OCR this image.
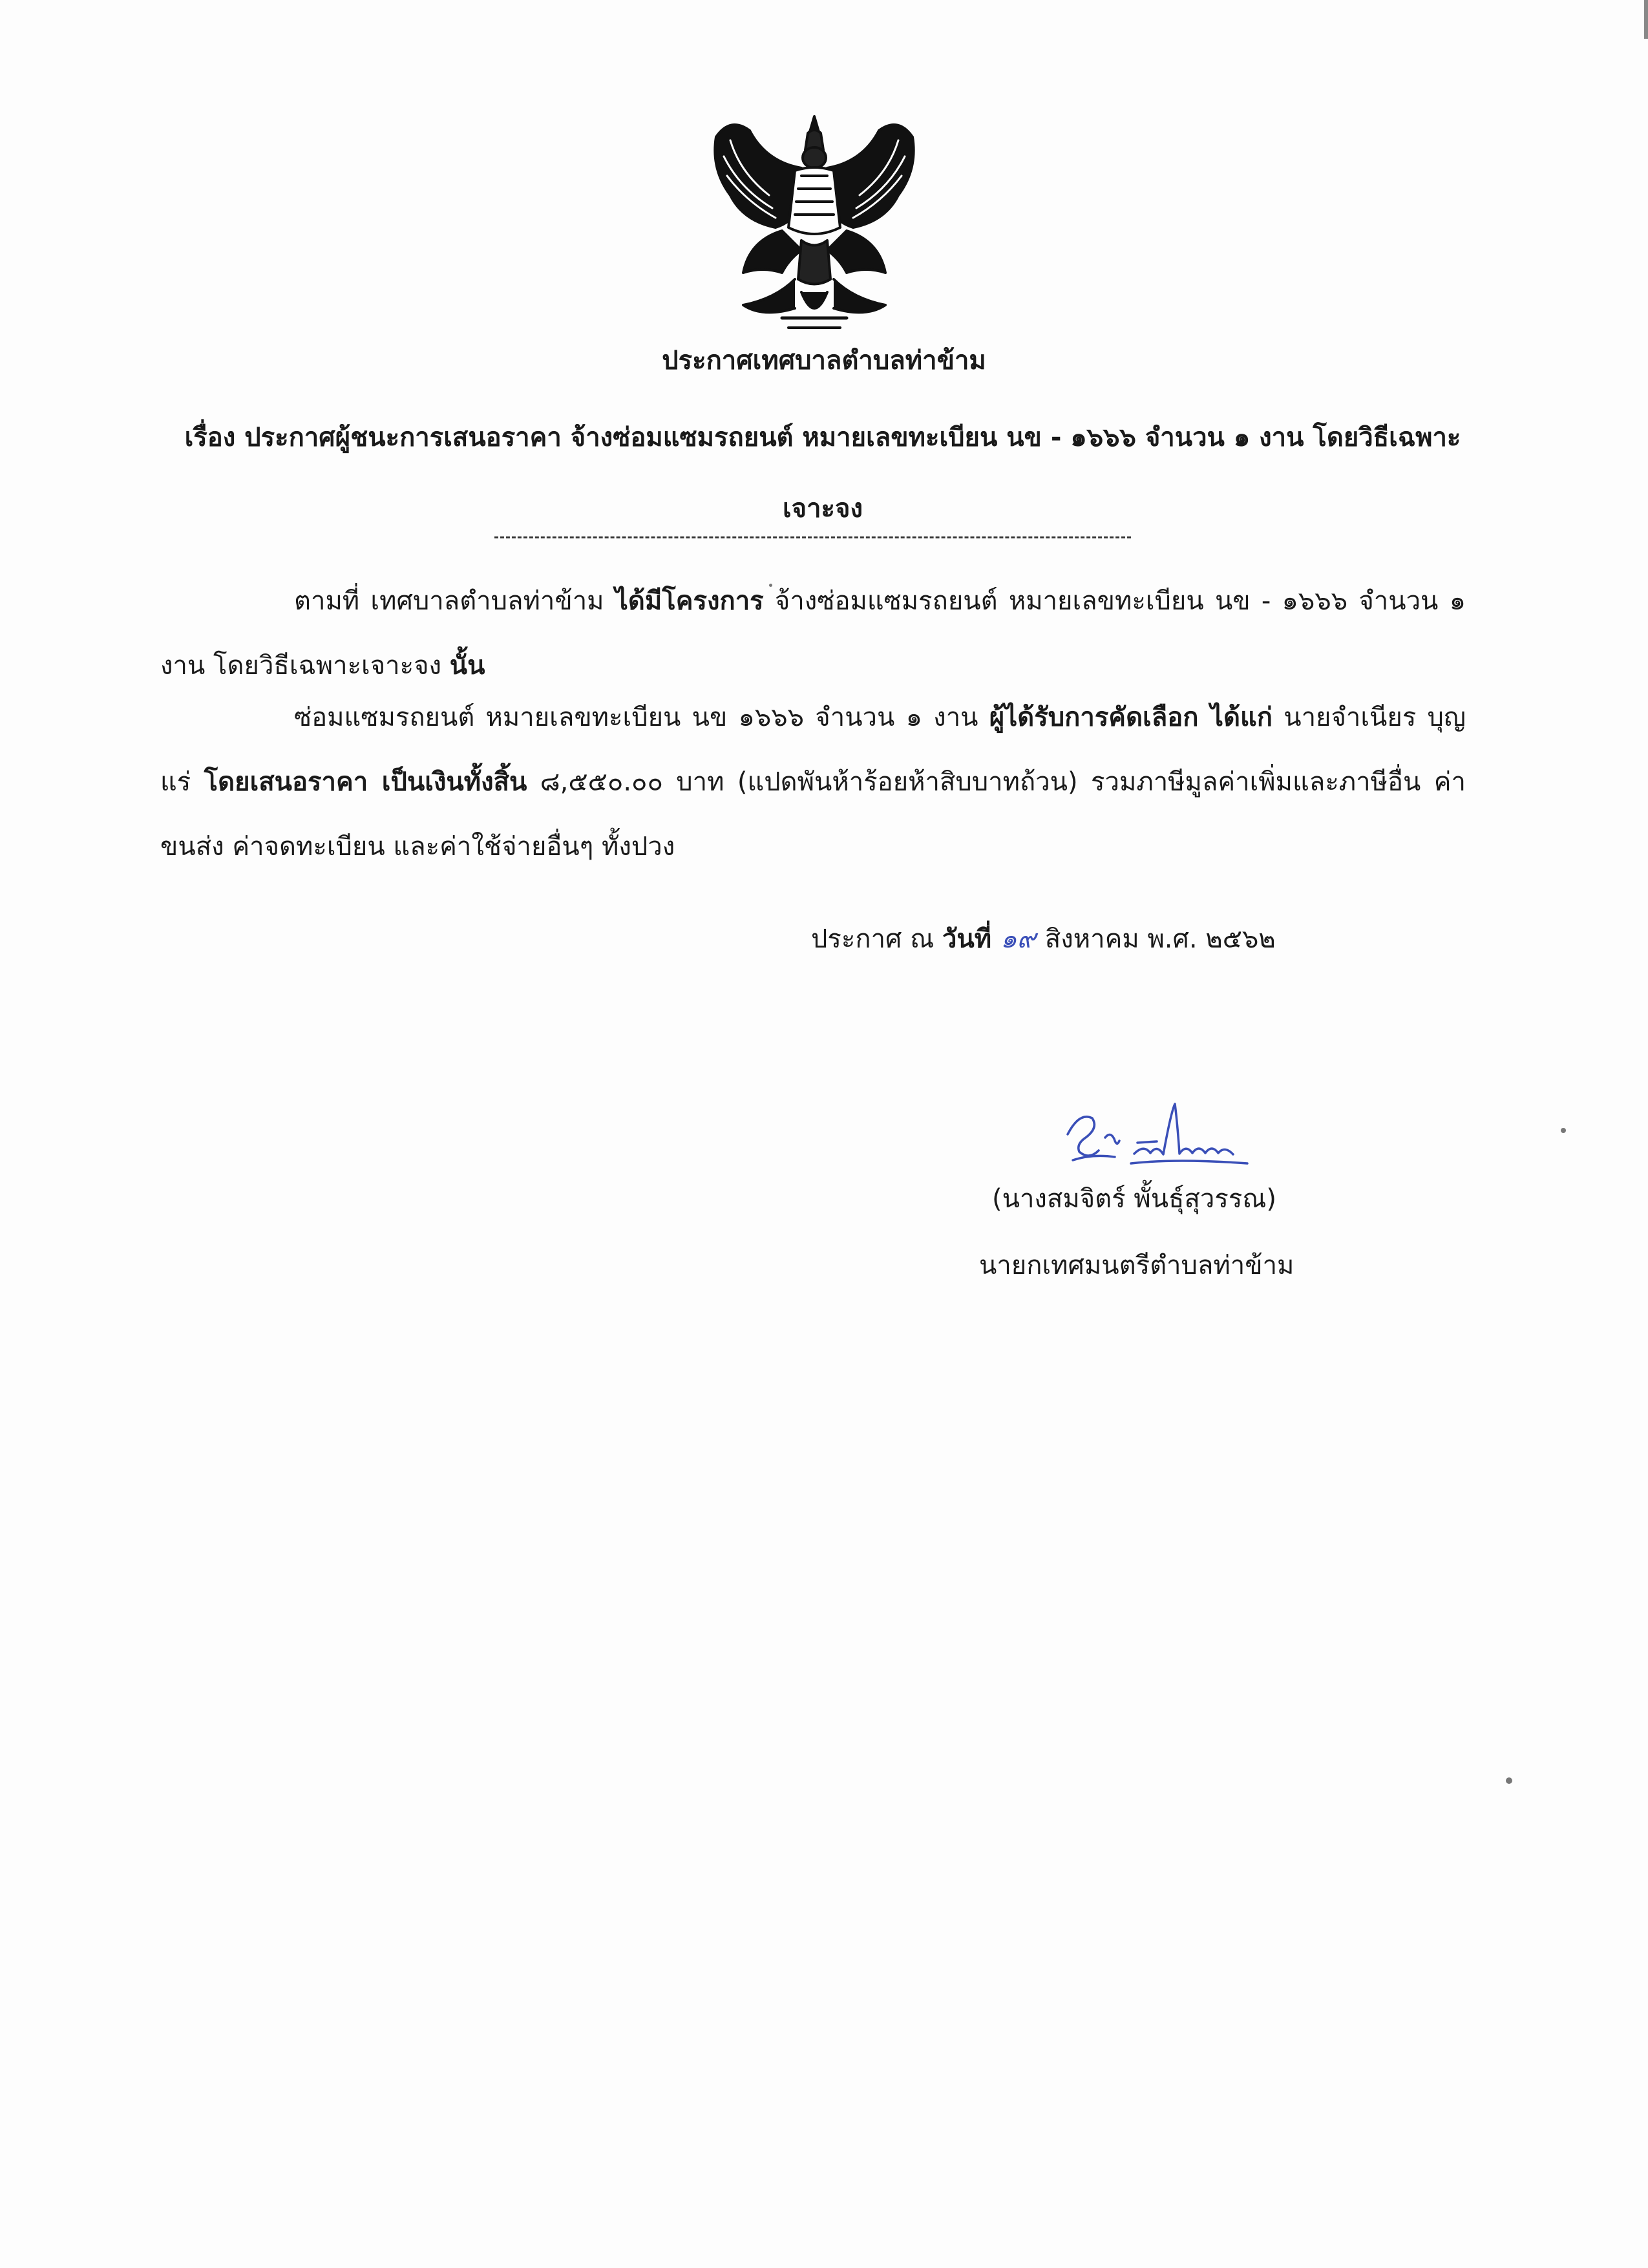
ประกาศเทศบาลตำบลท่าข้าม
เรื่อง ประกาศผู้ชนะการเสนอราคา จ้างซ่อมแซมรถยนต์ หมายเลขทะเบียน นข - ๑๖๖๖ จำนวน ๑ งาน โดยวิธีเฉพาะเจาะจง
ตามที่ เทศบาลตำบลท่าข้าม ได้มีโครงการ จ้างซ่อมแซมรถยนต์ หมายเลขทะเบียน นข - ๑๖๖๖ จำนวน ๑ งาน โดยวิธีเฉพาะเจาะจง นั้น
ซ่อมแซมรถยนต์ หมายเลขทะเบียน นข ๑๖๖๖ จำนวน ๑ งาน ผู้ได้รับการคัดเลือก ได้แก่ นายจำเนียร บุญแร่ โดยเสนอราคา เป็นเงินทั้งสิ้น ๘,๕๕๐.๐๐ บาท (แปดพันห้าร้อยห้าสิบบาทถ้วน) รวมภาษีมูลค่าเพิ่มและภาษีอื่น ค่าขนส่ง ค่าจดทะเบียน และค่าใช้จ่ายอื่นๆ ทั้งปวง
ประกาศ ณ วันที่ ๑๙ สิงหาคม พ.ศ. ๒๕๖๒
(นางสมจิตร์ พั้นธุ์สุวรรณ)
นายกเทศมนตรีตำบลท่าข้าม
